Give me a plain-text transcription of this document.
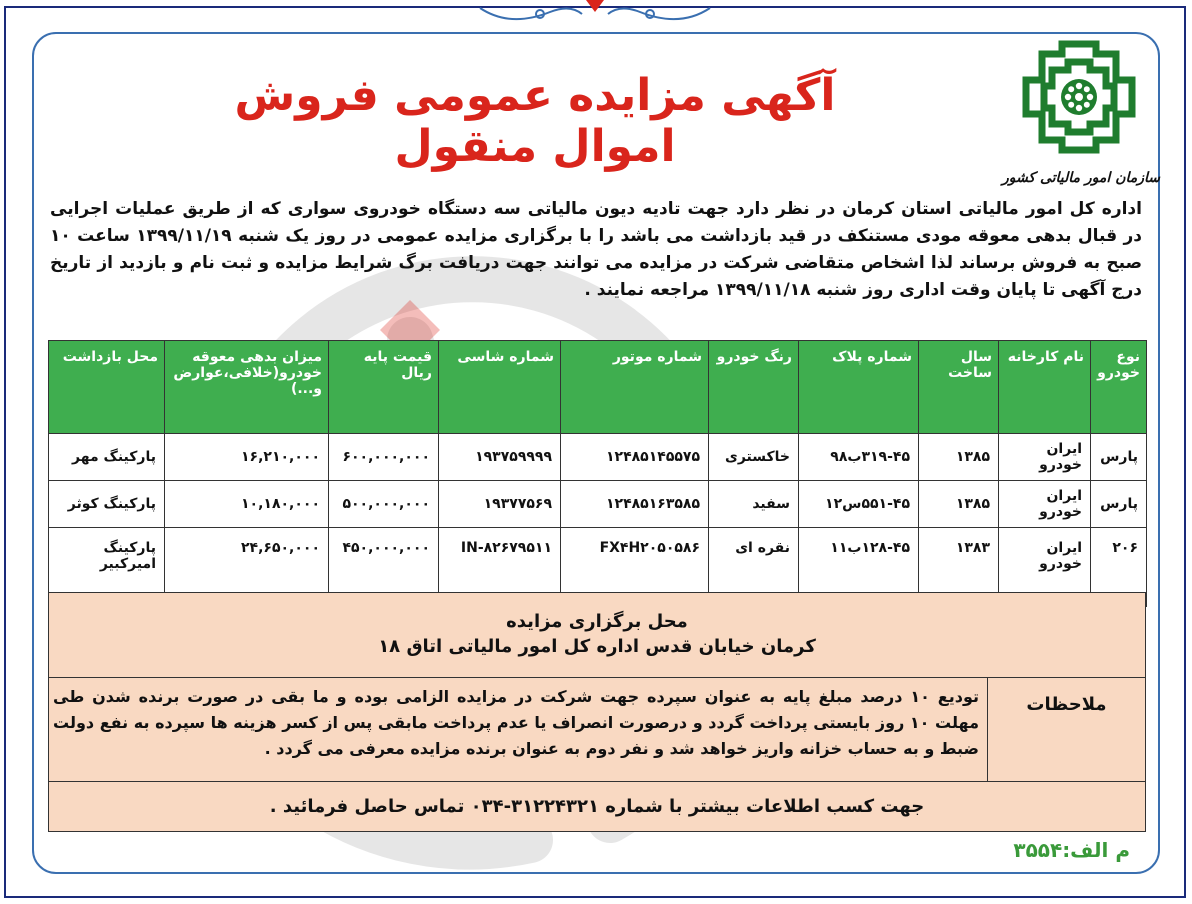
آگهی مزایده عمومی فروش اموال منقول
سازمان امور مالیاتی کشور
اداره کل امور مالیاتی استان کرمان در نظر دارد جهت تادیه دیون مالیاتی سه دستگاه خودروی سواری که از طریق عملیات اجرایی در قبال بدهی معوقه مودی مستنکف در قید بازداشت می باشد را با برگزاری مزایده عمومی در روز یک شنبه ۱۳۹۹/۱۱/۱۹ ساعت ۱۰ صبح به فروش برساند لذا اشخاص متقاضی شرکت در مزایده می توانند جهت دریافت برگ شرایط مزایده و ثبت نام و بازدید از تاریخ درج آگهی تا پایان وقت اداری روز شنبه ۱۳۹۹/۱۱/۱۸ مراجعه نمایند .
نوع خودرو	نام کارخانه	سال ساخت	شماره پلاک	رنگ خودرو	شماره موتور	شماره شاسی	قیمت پایه ریال	میزان بدهی معوقه خودرو(خلافی،عوارض و...)	محل بازداشت
پارس	ایران خودرو	۱۳۸۵	۳۱۹-۴۵ب۹۸	خاکستری	۱۲۴۸۵۱۴۵۵۷۵	۱۹۳۷۵۹۹۹۹	۶۰۰,۰۰۰,۰۰۰	۱۶,۲۱۰,۰۰۰	پارکینگ مهر
پارس	ایران خودرو	۱۳۸۵	۵۵۱-۴۵س۱۲	سفید	۱۲۴۸۵۱۶۳۵۸۵	۱۹۳۷۷۵۶۹	۵۰۰,۰۰۰,۰۰۰	۱۰,۱۸۰,۰۰۰	پارکینگ کوثر
۲۰۶	ایران خودرو	۱۳۸۳	۱۲۸-۴۵ب۱۱	نقره ای	FX۴H۲۰۵۰۵۸۶	IN-۸۲۶۷۹۵۱۱	۴۵۰,۰۰۰,۰۰۰	۲۴,۶۵۰,۰۰۰	پارکینگ امیرکبیر
محل برگزاری مزایده
کرمان خیابان قدس اداره کل امور مالیاتی اتاق ۱۸
ملاحظات
تودیع ۱۰ درصد مبلغ پایه به عنوان سپرده جهت شرکت در مزایده الزامی بوده و ما بقی در صورت برنده شدن طی مهلت ۱۰ روز بایستی پرداخت گردد و درصورت انصراف یا عدم پرداخت مابقی پس از کسر هزینه ها سپرده به نفع دولت ضبط و به حساب خزانه واریز خواهد شد و نفر دوم به عنوان برنده مزایده معرفی می گردد .
جهت کسب اطلاعات بیشتر با شماره ۳۱۲۲۴۳۲۱-۰۳۴ تماس حاصل فرمائید .
م الف:۳۵۵۴
